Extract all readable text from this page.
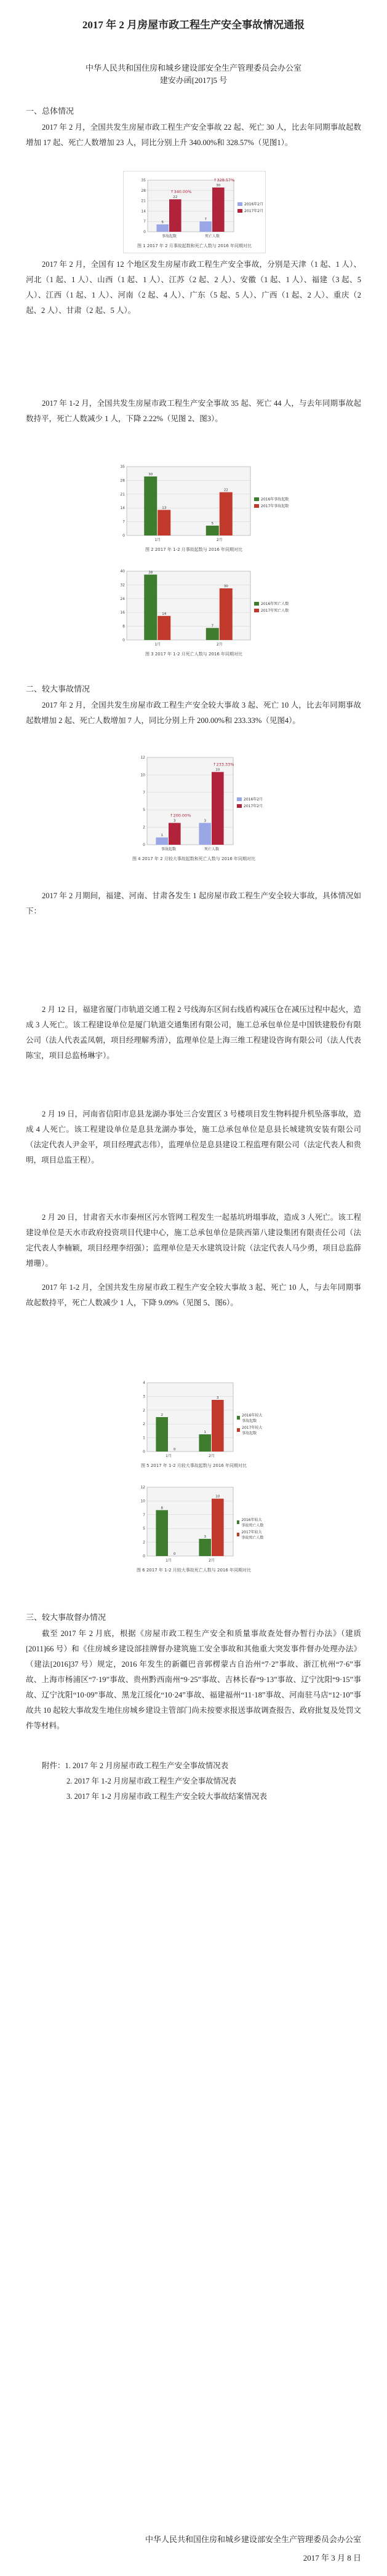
2017 年 2 月房屋市政工程生产安全事故情况通报
中华人民共和国住房和城乡建设部安全生产管理委员会办公室
建安办函[2017]5 号
一、总体情况
2017 年 2 月，全国共发生房屋市政工程生产安全事故 22 起、死亡 30 人，比去年同期事故起数增加 17 起、死亡人数增加 23 人，同比分别上升 340.00%和 328.57%（见图1）。
0
7
14
21
28
35
5
22
事故起数
↑340.00%
7
30
死亡人数
↑328.57%
2016年2月
2017年2月
图 1 2017 年 2 月事故起数和死亡人数与 2016 年同期对比
2017 年 2 月，全国有 12 个地区发生房屋市政工程生产安全事故，分别是天津（1 起、1 人）、河北（1 起、1 人）、山西（1 起、1 人）、江苏（2 起、2 人）、安徽（1 起、1 人）、福建（3 起、5 人）、江西（1 起、1 人）、河南（2 起、4 人）、广东（5 起、5 人）、广西（1 起、2 人）、重庆（2 起、2 人）、甘肃（2 起、5 人）。
2017 年 1-2 月，全国共发生房屋市政工程生产安全事故 35 起、死亡 44 人，与去年同期事故起数持平，死亡人数减少 1 人，下降 2.22%（见图 2、图3）。
0
7
14
21
28
35
30
13
1月
5
22
2月
2016年事故起数
2017年事故起数
图 2 2017 年 1-2 月事故起数与 2016 年同期对比
0
8
16
24
32
40	38
14
1月
7
30
2月
2016年死亡人数
2017年死亡人数
图 3 2017 年 1-2 月死亡人数与 2016 年同期对比
二、较大事故情况
2017 年 2 月，全国共发生房屋市政工程生产安全较大事故 3 起、死亡 10 人，比去年同期事故起数增加 2 起、死亡人数增加 7 人，同比分别上升 200.00%和 233.33%（见图4）。
0
2
5
7
10
12
1
3
事故起数
↑200.00%
3
10
死亡人数
↑233.33%
2016年2月
2017年2月
图 4 2017 年 2 月较大事故起数和死亡人数与 2016 年同期对比
2017 年 2 月期间，福建、河南、甘肃各发生 1 起房屋市政工程生产安全较大事故，具体情况如下：
2 月 12 日，福建省厦门市轨道交通工程 2 号线海东区间右线盾构减压仓在减压过程中起火，造成 3 人死亡。该工程建设单位是厦门轨道交通集团有限公司，施工总承包单位是中国铁建股份有限公司（法人代表孟凤朝，项目经理解秀清），监理单位是上海三维工程建设咨询有限公司（法人代表陈宝，项目总监杨琳宇）。
2 月 19 日，河南省信阳市息县龙湖办事处三合安置区 3 号楼项目发生物料提升机坠落事故，造成 4 人死亡。该工程建设单位是息县龙湖办事处，施工总承包单位是息县长城建筑安装有限公司（法定代表人尹金平，项目经理武志伟），监理单位是息县建设工程监理有限公司（法定代表人和贵明，项目总监王程）。
2 月 20 日，甘肃省天水市秦州区污水管网工程发生一起基坑坍塌事故，造成 3 人死亡。该工程建设单位是天水市政府投资项目代建中心，施工总承包单位是陕西第八建设集团有限责任公司（法定代表人李楠颖，项目经理李绍强）；监理单位是天水建筑设计院（法定代表人马少勇，项目总监薛增珊）。
2017 年 1-2 月，全国共发生房屋市政工程生产安全较大事故 3 起、死亡 10 人，与去年同期事故起数持平，死亡人数减少 1 人，下降 9.09%（见图 5、图6）。
0
1
2
2
3
4
2
0
1月
1
3
2月
2016年较大事故起数
2017年较大事故起数
图 5 2017 年 1-2 月较大事故起数与 2016 年同期对比
0
2
5
7
10
12
8
0
1月
3
10
2月
2016年较大事故死亡人数
2017年较大事故死亡人数
图 6 2017 年 1-2 月较大事故死亡人数与 2016 年同期对比
三、较大事故督办情况
截至 2017 年 2 月底，根据《房屋市政工程生产安全和质量事故查处督办暂行办法》（建质[2011]66 号）和《住房城乡建设部挂牌督办建筑施工安全事故和其他重大突发事件督办处理办法》（建法[2016]37 号）规定，2016 年发生的新疆巴音郭楞蒙古自治州“7·2”事故、浙江杭州“7·6”事故、上海市杨浦区“7·19”事故、贵州黔西南州“9·25”事故、吉林长春“9·13”事故、辽宁沈阳“9·15”事故、辽宁沈阳“10·09”事故、黑龙江绥化“10·24”事故、福建福州“11·18”事故、河南驻马店“12·10”事故共 10 起较大事故发生地住房城乡建设主管部门尚未按要求报送事故调查报告、政府批复及处罚文件等材料。
附件：1. 2017 年 2 月房屋市政工程生产安全事故情况表
2. 2017 年 1-2 月房屋市政工程生产安全事故情况表
3. 2017 年 1-2 月房屋市政工程生产安全较大事故结案情况表
中华人民共和国住房和城乡建设部安全生产管理委员会办公室
2017 年 3 月 8 日
